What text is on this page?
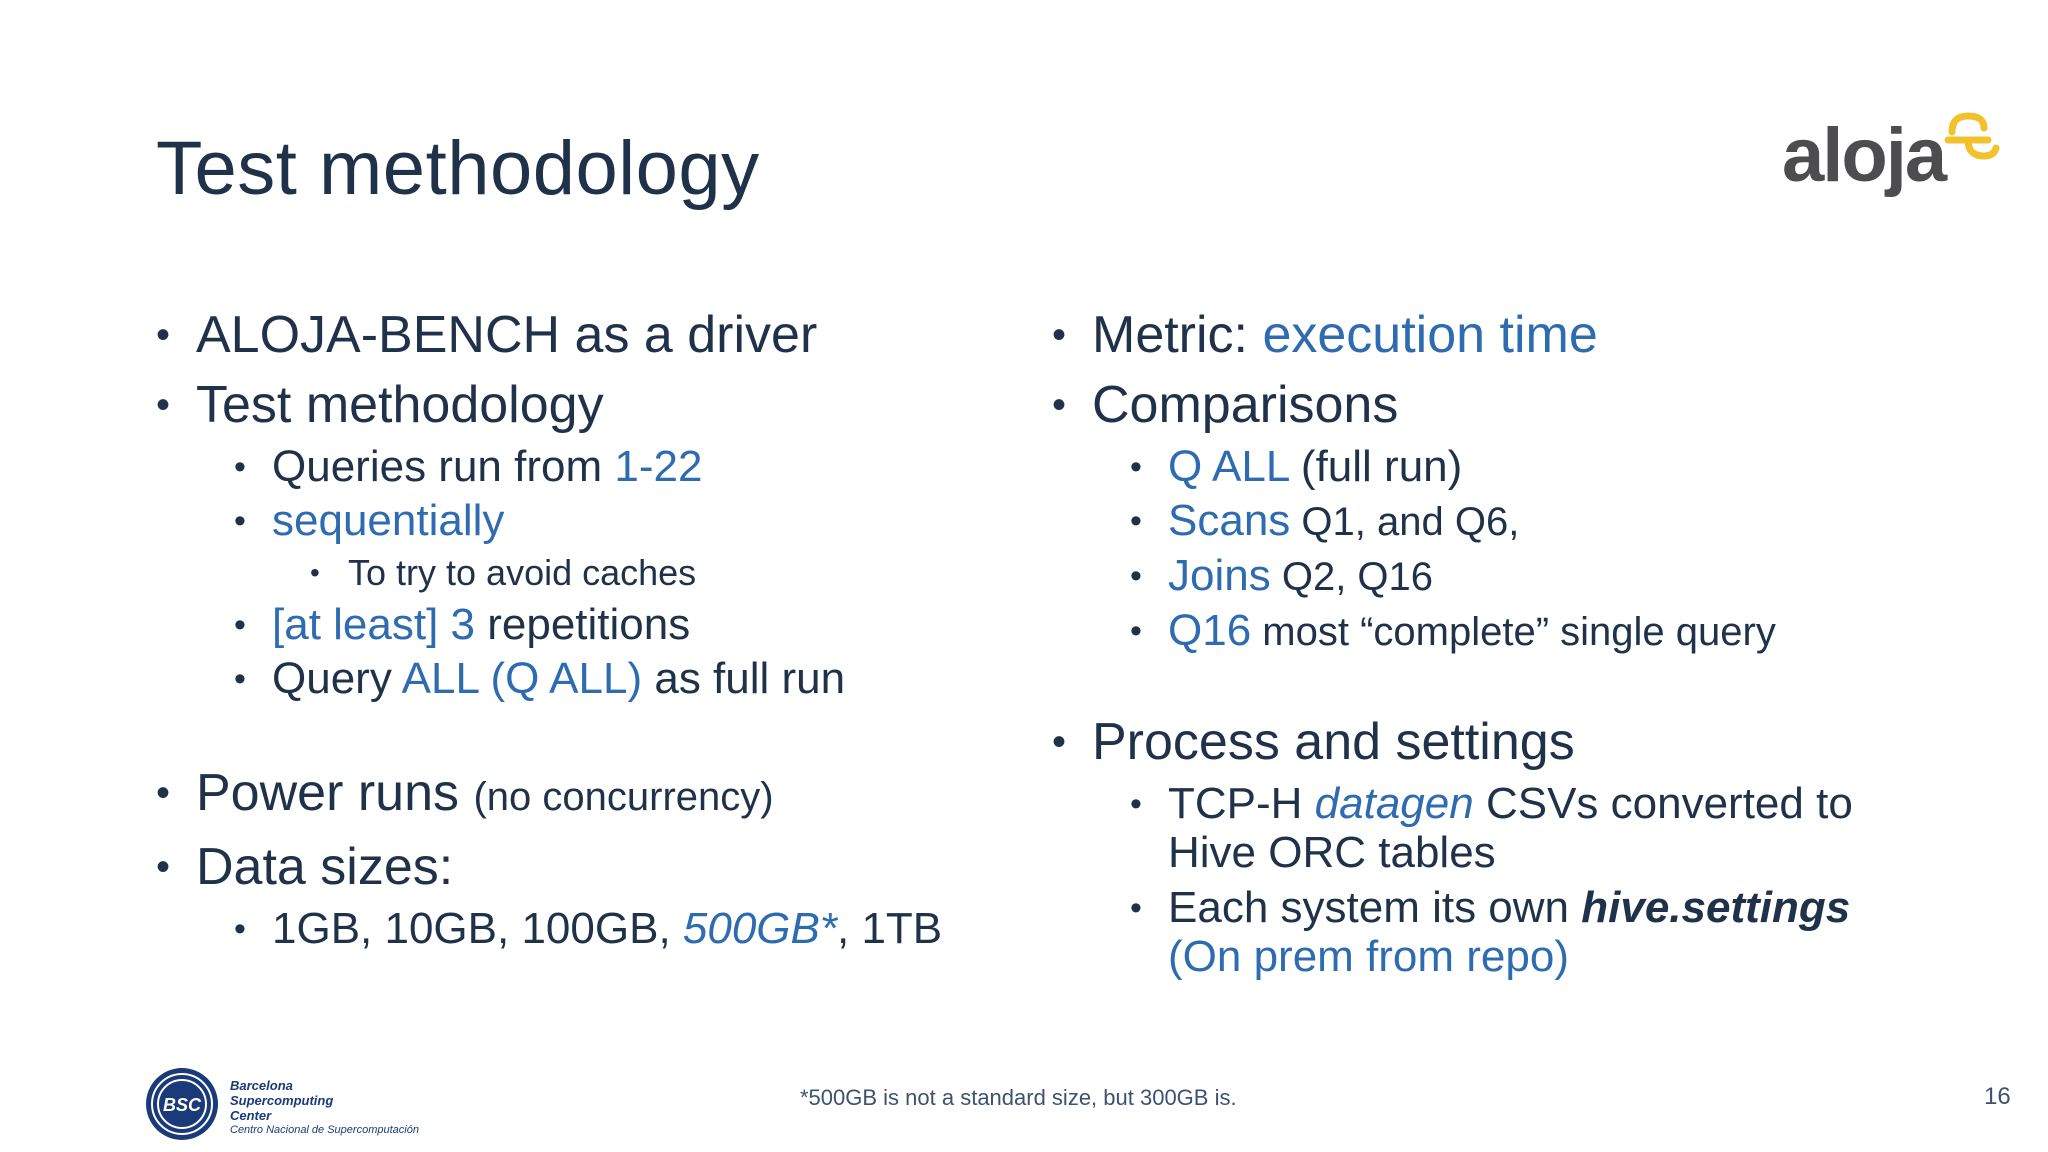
Test methodology	aloja
• ALOJA-BENCH as a driver
• Test methodology
• Queries run from 1-22
• sequentially
• To try to avoid caches
• [at least] 3 repetitions
• Query ALL (Q ALL) as full run
• Power runs (no concurrency)
• Data sizes:
• 1GB, 10GB, 100GB, 500GB*, 1TB
• Metric: execution time
• Comparisons
• Q ALL (full run)
• Scans Q1, and Q6,
• Joins Q2, Q16
• Q16 most “complete” single query
• Process and settings
• TCP-H datagen CSVs converted to
Hive ORC tables
• Each system its own hive.settings
(On prem from repo)
BSC
Barcelona
Supercomputing
Center
Centro Nacional de Supercomputación
*500GB is not a standard size, but 300GB is.	16
